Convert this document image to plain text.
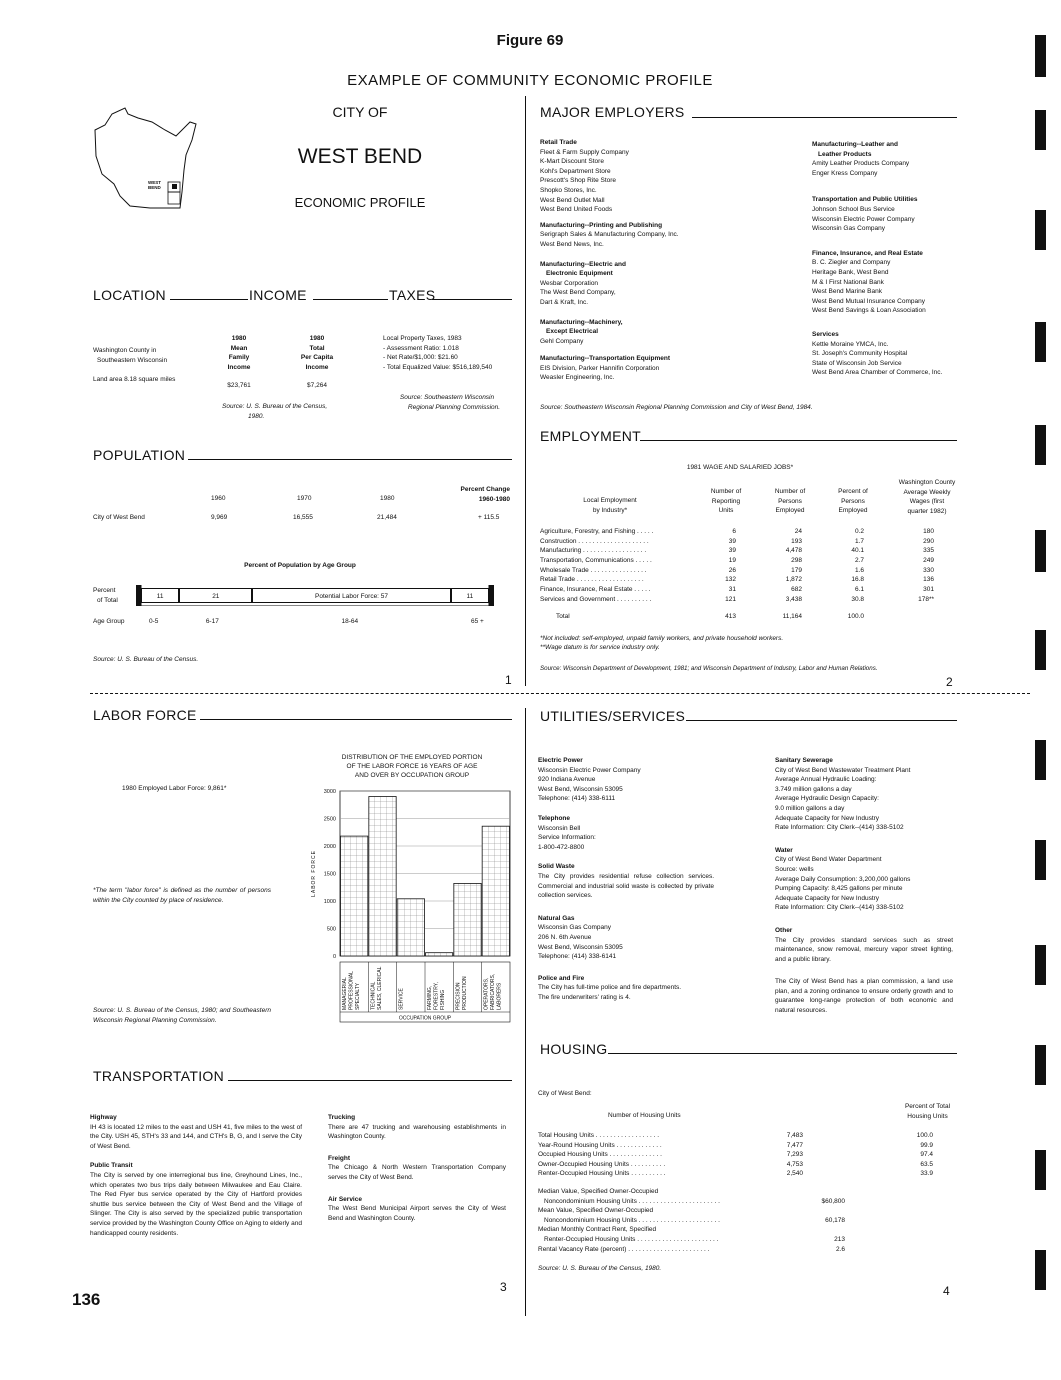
Figure 69
EXAMPLE OF COMMUNITY ECONOMIC PROFILE
WEST BEND
CITY OF
WEST BEND
ECONOMIC PROFILE
LOCATION	INCOME	TAXES
Washington County in
Southeastern Wisconsin
Land area 8.18 square miles
1980
Mean
Family
Income
1980
Total
Per Capita
Income
$23,761	$7,264
Source: U. S. Bureau of the Census,
1980.
Local Property Taxes, 1983
- Assessment Ratio: 1.018
- Net Rate/$1,000: $21.60
- Total Equalized Value: $516,189,540
Source: Southeastern Wisconsin
Regional Planning Commission.
POPULATION
Percent Change
1960-1980
1960	1970	1980
City of West Bend	9,969	16,555	21,484	+ 115.5
Percent of Population by Age Group
Percent
of Total
11	21	Potential Labor Force: 57	11
Age Group	0-5	6-17	18-64	65 +
Source: U. S. Bureau of the Census.
1
MAJOR EMPLOYERS
Retail Trade
Fleet & Farm Supply Company
K-Mart Discount Store
Kohl's Department Store
Prescott's Shop Rite Store
Shopko Stores, Inc.
West Bend Outlet Mall
West Bend United Foods
Manufacturing--Printing and Publishing
Serigraph Sales & Manufacturing Company, Inc.
West Bend News, Inc.
Manufacturing--Electric and
Electronic Equipment
Wesbar Corporation
The West Bend Company,
Dart & Kraft, Inc.
Manufacturing--Machinery,
Except Electrical
Gehl Company
Manufacturing--Transportation Equipment
EIS Division, Parker Hannifin Corporation
Weasler Engineering, Inc.
Manufacturing--Leather and
Leather Products
Amity Leather Products Company
Enger Kress Company
Transportation and Public Utilities
Johnson School Bus Service
Wisconsin Electric Power Company
Wisconsin Gas Company
Finance, Insurance, and Real Estate
B. C. Ziegler and Company
Heritage Bank, West Bend
M & I First National Bank
West Bend Marine Bank
West Bend Mutual Insurance Company
West Bend Savings & Loan Association
Services
Kettle Moraine YMCA, Inc.
St. Joseph's Community Hospital
State of Wisconsin Job Service
West Bend Area Chamber of Commerce, Inc.
Source: Southeastern Wisconsin Regional Planning Commission and City of West Bend, 1984.
EMPLOYMENT
1981 WAGE AND SALARIED JOBS*
Local Employment
by Industry*
Number of
Reporting
Units
Number of
Persons
Employed
Percent of
Persons
Employed
Washington County
Average Weekly
Wages (first
quarter 1982)
Agriculture, Forestry, and Fishing . . . . .	6	24	0.2	180
Construction . . . . . . . . . . . . . . . . . . . .	39	193	1.7	290
Manufacturing . . . . . . . . . . . . . . . . . .	39	4,478	40.1	335
Transportation, Communications . . . . .	19	298	2.7	249
Wholesale Trade . . . . . . . . . . . . . . . .	26	179	1.6	330
Retail Trade . . . . . . . . . . . . . . . . . . .	132	1,872	16.8	136
Finance, Insurance, Real Estate . . . . .	31	682	6.1	301
Services and Government . . . . . . . . . .	121	3,438	30.8	178**
Total	413	11,164	100.0
*Not included: self-employed, unpaid family workers, and private household workers.
**Wage datum is for service industry only.
Source: Wisconsin Department of Development, 1981; and Wisconsin Department of Industry, Labor and Human Relations.
2
LABOR FORCE
1980 Employed Labor Force: 9,861*
*The term "labor force" is defined as the number of persons within the City counted by place of residence.
Source: U. S. Bureau of the Census, 1980; and Southeastern Wisconsin Regional Planning Commission.
DISTRIBUTION OF THE EMPLOYED PORTION
OF THE LABOR FORCE 16 YEARS OF AGE
AND OVER BY OCCUPATION GROUP
0
500
1000
1500
2000
2500
3000
LABOR FORCE
MANAGERIAL PROFESSIONAL SPECIALTY TECHNICAL SALES, CLERICAL	SERVICE	FARMING, FORESTRY, FISHING PRECISION PRODUCTION	OPERATORS, FABRICATORS, LABORERS
OCCUPATION GROUP
TRANSPORTATION
Highway
IH 43 is located 12 miles to the east and USH 41, five miles to the west of the City. USH 45, STH's 33 and 144, and CTH's B, G, and I serve the City of West Bend.
Public Transit
The City is served by one interregional bus line, Greyhound Lines, Inc., which operates two bus trips daily between Milwaukee and Eau Claire. The Red Flyer bus service operated by the City of Hartford provides shuttle bus service between the City of West Bend and the Village of Slinger. The City is also served by the specialized public transportation service provided by the Washington County Office on Aging to elderly and handicapped county residents.
Trucking
There are 47 trucking and warehousing establishments in Washington County.
Freight
The Chicago & North Western Transportation Company serves the City of West Bend.
Air Service
The West Bend Municipal Airport serves the City of West Bend and Washington County.
3
136
UTILITIES/SERVICES
Electric Power
Wisconsin Electric Power Company
920 Indiana Avenue
West Bend, Wisconsin 53095
Telephone: (414) 338-6111
Telephone
Wisconsin Bell
Service Information:
1-800-472-8800
Solid Waste
The City provides residential refuse collection services. Commercial and industrial solid waste is collected by private collection services.
Natural Gas
Wisconsin Gas Company
206 N. 6th Avenue
West Bend, Wisconsin 53095
Telephone: (414) 338-6141
Police and Fire
The City has full-time police and fire departments.
The fire underwriters' rating is 4.
Sanitary Sewerage
City of West Bend Wastewater Treatment Plant
Average Annual Hydraulic Loading:
3.749 million gallons a day
Average Hydraulic Design Capacity:
9.0 million gallons a day
Adequate Capacity for New Industry
Rate Information: City Clerk--(414) 338-5102
Water
City of West Bend Water Department
Source: wells
Average Daily Consumption: 3,200,000 gallons
Pumping Capacity: 8,425 gallons per minute
Adequate Capacity for New Industry
Rate Information: City Clerk--(414) 338-5102
Other
The City provides standard services such as street maintenance, snow removal, mercury vapor street lighting, and a public library.
The City of West Bend has a plan commission, a land use plan, and a zoning ordinance to ensure orderly growth and to guarantee long-range protection of both economic and natural resources.
HOUSING
City of West Bend:
Number of Housing Units
Percent of Total
Housing Units
Total Housing Units . . . . . . . . . . . . . . . . . .	7,483	100.0
Year-Round Housing Units . . . . . . . . . . . . .	7,477	99.9
Occupied Housing Units . . . . . . . . . . . . . . .	7,293	97.4
Owner-Occupied Housing Units . . . . . . . . . .	4,753	63.5
Renter-Occupied Housing Units . . . . . . . . . .	2,540	33.9
Median Value, Specified Owner-Occupied
Noncondominium Housing Units . . . . . . . . . . . . . . . . . . . . . . .	$60,800
Mean Value, Specified Owner-Occupied
Noncondominium Housing Units . . . . . . . . . . . . . . . . . . . . . . .	60,178
Median Monthly Contract Rent, Specified
Renter-Occupied Housing Units . . . . . . . . . . . . . . . . . . . . . . .	213
Rental Vacancy Rate (percent) . . . . . . . . . . . . . . . . . . . . . . .	2.6
Source: U. S. Bureau of the Census, 1980.
4
